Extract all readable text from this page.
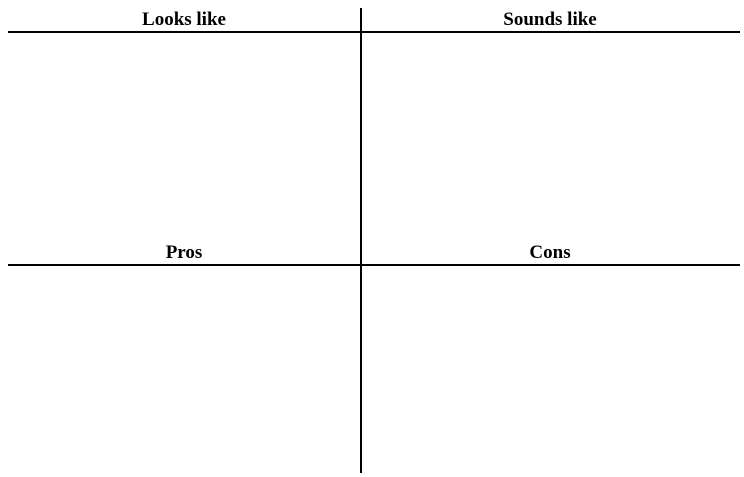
Looks like	Sounds like
Pros	Cons
